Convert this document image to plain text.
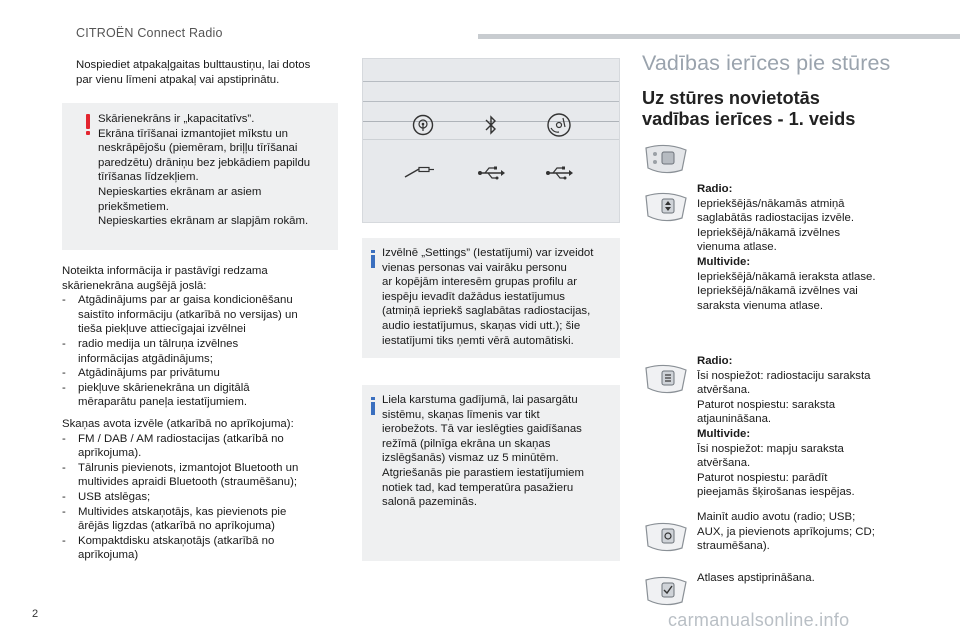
CITROËN Connect Radio
Nospiediet atpakaļgaitas bulttaustiņu, lai dotos
par vienu līmeni atpakaļ vai apstiprinātu.
Skārienekrāns ir „kapacitatīvs”.
Ekrāna tīrīšanai izmantojiet mīkstu un
neskrāpējošu (piemēram, briļļu tīrīšanai
paredzētu) drāniņu bez jebkādiem papildu
tīrīšanas līdzekļiem.
Nepieskarties ekrānam ar asiem
priekšmetiem.
Nepieskarties ekrānam ar slapjām rokām.
Noteikta informācija ir pastāvīgi redzama
skārienekrāna augšējā joslā:
- Atgādinājums par ar gaisa kondicionēšanu
saistīto informāciju (atkarībā no versijas) un
tieša piekļuve attiecīgajai izvēlnei
- radio medija un tālruņa izvēlnes
informācijas atgādinājums;
- Atgādinājums par privātumu
- piekļuve skārienekrāna un digitālā
mēraparātu paneļa iestatījumiem.
Skaņas avota izvēle (atkarībā no aprīkojuma):
- FM / DAB / AM radiostacijas (atkarībā no
aprīkojuma).
- Tālrunis pievienots, izmantojot Bluetooth un
multivides apraidi Bluetooth (straumēšanu);
- USB atslēgas;
- Multivides atskaņotājs, kas pievienots pie
ārējās ligzdas (atkarībā no aprīkojuma)
- Kompaktdisku atskaņotājs (atkarībā no
aprīkojuma)
Izvēlnē „Settings” (Iestatījumi) var izveidot
vienas personas vai vairāku personu
ar kopējām interesēm grupas profilu ar
iespēju ievadīt dažādus iestatījumus
(atmiņā iepriekš saglabātas radiostacijas,
audio iestatījumus, skaņas vidi utt.); šie
iestatījumi tiks ņemti vērā automātiski.
Liela karstuma gadījumā, lai pasargātu
sistēmu, skaņas līmenis var tikt
ierobežots. Tā var ieslēgties gaidīšanas
režīmā (pilnīga ekrāna un skaņas
izslēgšanās) vismaz uz 5 minūtēm.
Atgriešanās pie parastiem iestatījumiem
notiek tad, kad temperatūra pasažieru
salonā pazeminās.
Vadības ierīces pie stūres
Uz stūres novietotās
vadības ierīces - 1. veids
Radio:
Iepriekšējās/nākamās atmiņā
saglabātās radiostacijas izvēle.
Iepriekšējā/nākamā izvēlnes
vienuma atlase.
Multivide:
Iepriekšējā/nākamā ieraksta atlase.
Iepriekšējā/nākamā izvēlnes vai
saraksta vienuma atlase.
Radio:
Īsi nospiežot: radiostaciju saraksta
atvēršana.
Paturot nospiestu: saraksta
atjaunināšana.
Multivide:
Īsi nospiežot: mapju saraksta
atvēršana.
Paturot nospiestu: parādīt
pieejamās šķirošanas iespējas.
Mainīt audio avotu (radio; USB;
AUX, ja pievienots aprīkojums; CD;
straumēšana).
Atlases apstiprināšana.
2	carmanualsonline.info
